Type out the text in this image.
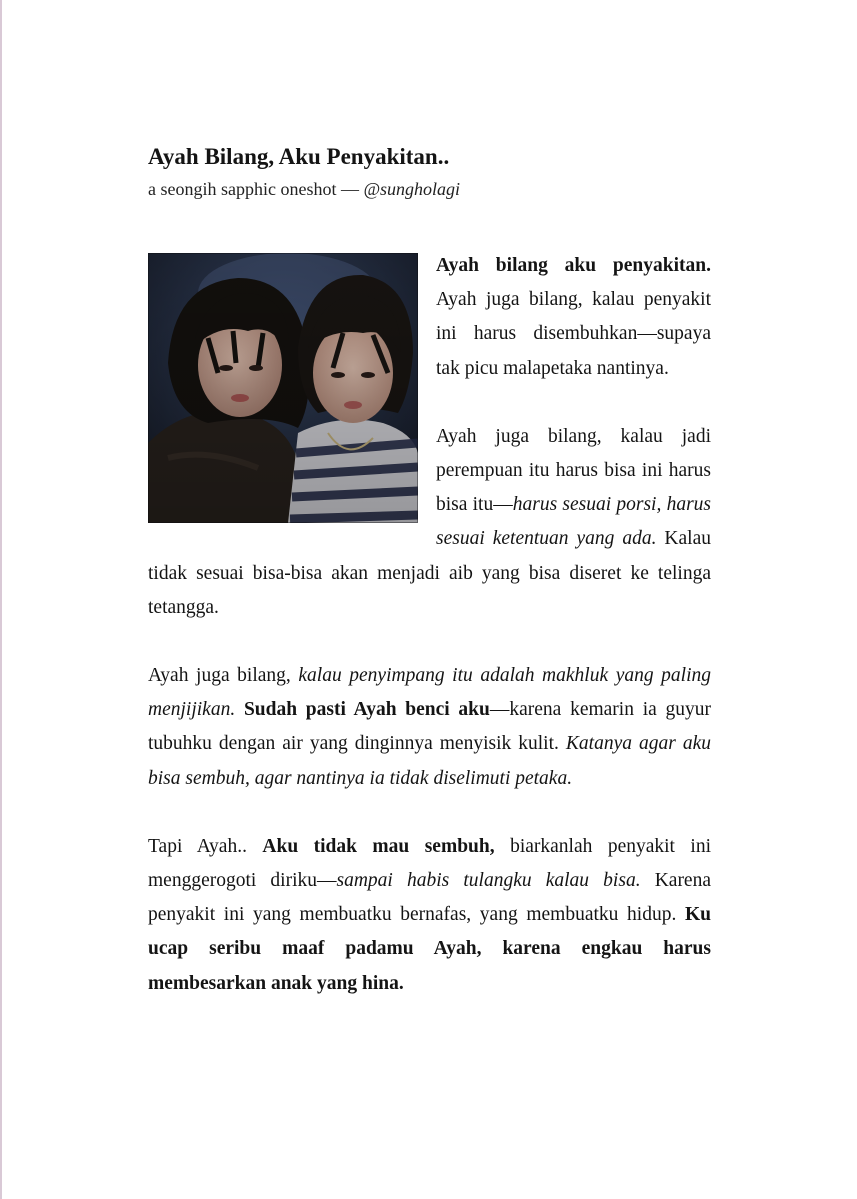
Ayah Bilang, Aku Penyakitan..
a seongih sapphic oneshot — @sungholagi

Ayah bilang aku penyakitan. Ayah juga bilang, kalau penyakit ini harus disembuhkan—supaya tak picu malapetaka nantinya.

Ayah juga bilang, kalau jadi perempuan itu harus bisa ini harus bisa itu—harus sesuai porsi, harus sesuai ketentuan yang ada. Kalau tidak sesuai bisa-bisa akan menjadi aib yang bisa diseret ke telinga tetangga.

Ayah juga bilang, kalau penyimpang itu adalah makhluk yang paling menjijikan. Sudah pasti Ayah benci aku—karena kemarin ia guyur tubuhku dengan air yang dinginnya menyisik kulit. Katanya agar aku bisa sembuh, agar nantinya ia tidak diselimuti petaka.

Tapi Ayah.. Aku tidak mau sembuh, biarkanlah penyakit ini menggerogoti diriku—sampai habis tulangku kalau bisa. Karena penyakit ini yang membuatku bernafas, yang membuatku hidup. Ku ucap seribu maaf padamu Ayah, karena engkau harus membesarkan anak yang hina.
